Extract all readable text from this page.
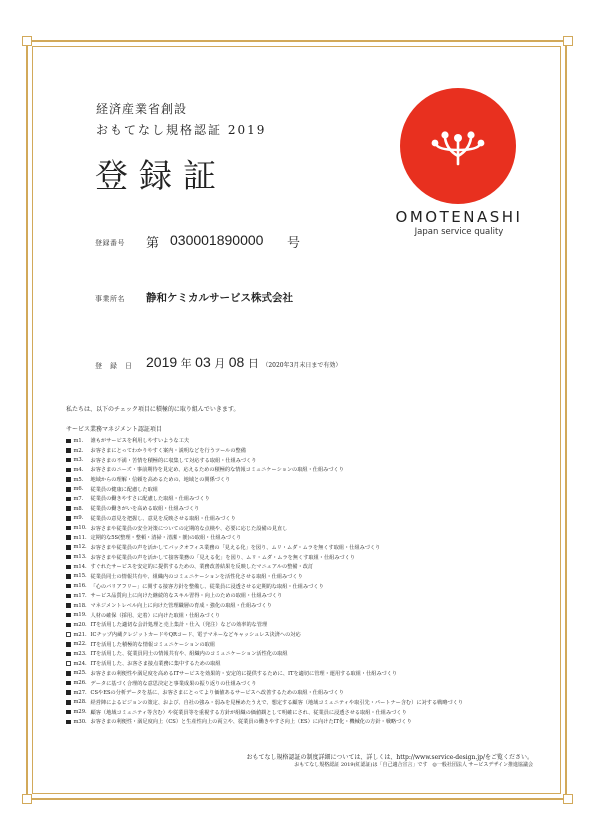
経済産業省創設
おもてなし規格認証 2019
登録証
OMOTENASHI
Japan service quality
登録番号 第 030001890000 号
事業所名 静和ケミカルサービス株式会社
登　録　日 2019 年 03 月 08 日 （2020年3月末日まで有効）
私たちは、以下のチェック項目に積極的に取り組んでいきます。
サービス業務マネジメント認証項目
m1.	誰もがサービスを利用しやすいような工夫
m2.	お客さまにとってわかりやすく案内・説明などを行うツールの整備
m3.	お客さまの不満・苦情を積極的に収集して対応する取組・仕組みづくり
m4.	お客さまのニーズ・事前期待を見定め、応えるための積極的な情報コミュニケーションの取組・仕組みづくり
m5.	地域からの理解・信頼を高めるための、地域との関係づくり
m6.	従業員の健康に配慮した取組
m7.	従業員の働きやすさに配慮した取組・仕組みづくり
m8.	従業員の働きがいを高める取組・仕組みづくり
m9.	従業員の意見を把握し、意見を反映させる取組・仕組みづくり
m10. お客さまや従業員の安全対策についての定期的な点検や、必要に応じた設備の見直し
m11. 定期的な5S(整理・整頓・清掃・清潔・躾)の取組・仕組みづくり
m12. お客さまや従業員の声を活かしてバックオフィス業務の「見える化」を図り、ムリ・ムダ・ムラを無くす取組・仕組みづくり
m13. お客さまや従業員の声を活かして接客業務の「見える化」を図り、ムリ・ムダ・ムラを無くす取組・仕組みづくり
m14. すぐれたサービスを安定的に提供するための、業務改善結果を反映したマニュアルの整備・改訂
m15. 従業員同士の情報共有や、組織内のコミュニケーションを活性化させる取組・仕組みづくり
m16. 「心のバリアフリー」に関する接客方針を整備し、従業員に浸透させる定期的な取組・仕組みづくり
m17. サービス品質向上に向けた継続的なスキル習得・向上のための取組・仕組みづくり
m18. マネジメントレベル向上に向けた管理職層の育成・強化の取組・仕組みづくり
m19. 人材の確保（採用、定着）に向けた取組・仕組みづくり
m20. ITを活用した適切な会計処理と売上集計・仕入（発注）などの効率的な管理
m21. ICチップ内蔵クレジットカードやQRコード、電子マネーなどキャッシュレス決済への対応
m22. ITを活用した積極的な情報コミュニケーションの取組
m23. ITを活用した、従業員同士の情報共有や、組織内のコミュニケーション活性化の取組
m24. ITを活用した、お客さま接点業務に集中するための取組
m25. お客さまの利便性や満足度を高めるITサービスを効果的・安定的に提供するために、ITを適切に管理・運用する取組・仕組みづくり
m26. データに基づく合理的な意思決定と事業成果の振り返りの仕組みづくり
m27. CSやESの分析データを基に、お客さまにとってより価値あるサービスへ改善するための取組・仕組みづくり
m28. 経営陣によるビジョンの策定、および、自社の強み・弱みを見極めたうえで、想定する顧客（地域コミュニティや取引先・パートナー含む）に対する戦略づくり
m29. 顧客（地域コミュニティ等含む）や従業員等を重視する方針が組織の価値観として明確にされ、従業員に浸透させる取組・仕組みづくり
m30. お客さまの利便性・満足度向上（CS）と生産性向上の両立や、従業員の働きやすさ向上（ES）に向けたIT化・機械化の方針・戦略づくり
おもてなし規格認証の制度詳細については、詳しくは、http://www.service-design.jp/をご覧ください。
おもてなし規格認証 2019(紅認証)は「自己適合宣言」です　◎一般社団法人 サービスデザイン推進協議会
